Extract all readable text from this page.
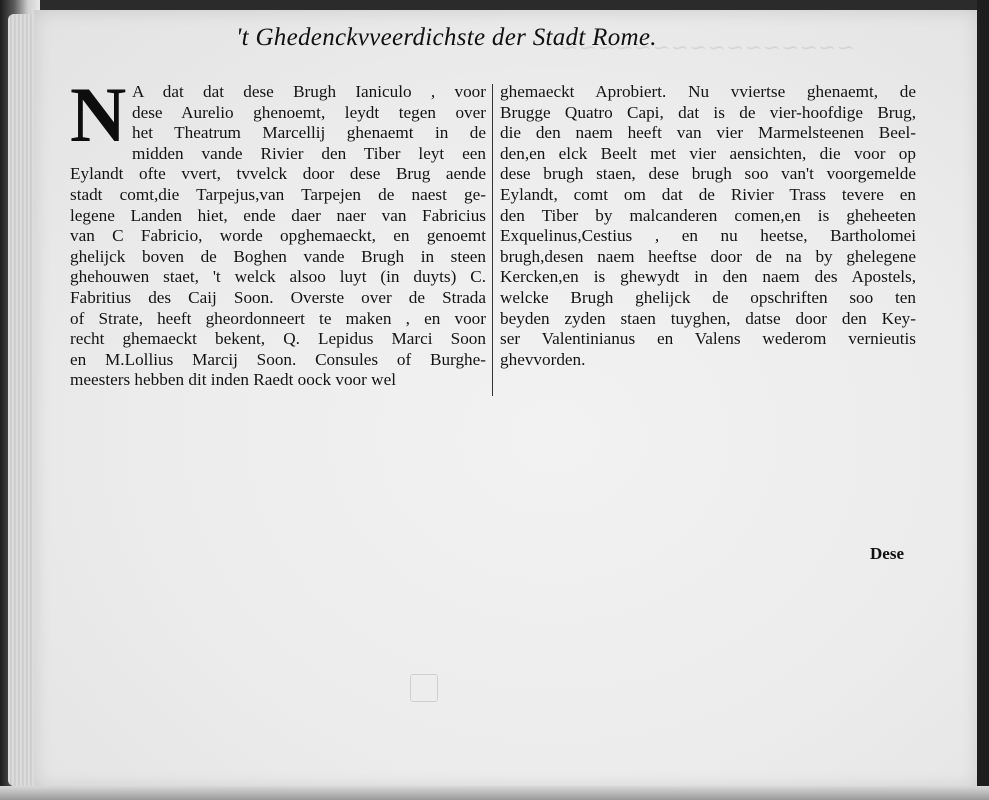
~~~~~~~~~~~~~~~~
't Ghedenckvveerdichste der Stadt Rome.
N A dat dat dese Brugh Ianiculo , voor
dese Aurelio ghenoemt, leydt tegen over
het Theatrum Marcellij ghenaemt in de
midden vande Rivier den Tiber leyt een
Eylandt ofte vvert, tvvelck door dese Brug aende
stadt comt,die Tarpejus,van Tarpejen de naest ge-
legene Landen hiet, ende daer naer van Fabricius
van C Fabricio, worde opghemaeckt, en genoemt
ghelijck boven de Boghen vande Brugh in steen
ghehouwen staet, 't welck alsoo luyt (in duyts) C.
Fabritius des Caij Soon. Overste over de Strada
of Strate, heeft gheordonneert te maken , en voor
recht ghemaeckt bekent, Q. Lepidus Marci Soon
en M.Lollius Marcij Soon. Consules of Burghe-
meesters hebben dit inden Raedt oock voor wel
ghemaeckt Aprobiert. Nu vviertse ghenaemt, de
Brugge Quatro Capi, dat is de vier-hoofdige Brug,
die den naem heeft van vier Marmelsteenen Beel-
den,en elck Beelt met vier aensichten, die voor op
dese brugh staen, dese brugh soo van't voorgemelde
Eylandt, comt om dat de Rivier Trass tevere en
den Tiber by malcanderen comen,en is gheheeten
Exquelinus,Cestius , en nu heetse, Bartholomei
brugh,desen naem heeftse door de na by ghelegene
Kercken,en is ghewydt in den naem des Apostels,
welcke Brugh ghelijck de opschriften soo ten
beyden zyden staen tuyghen, datse door den Key-
ser Valentinianus en Valens wederom vernieutis
ghevvorden.
Dese
